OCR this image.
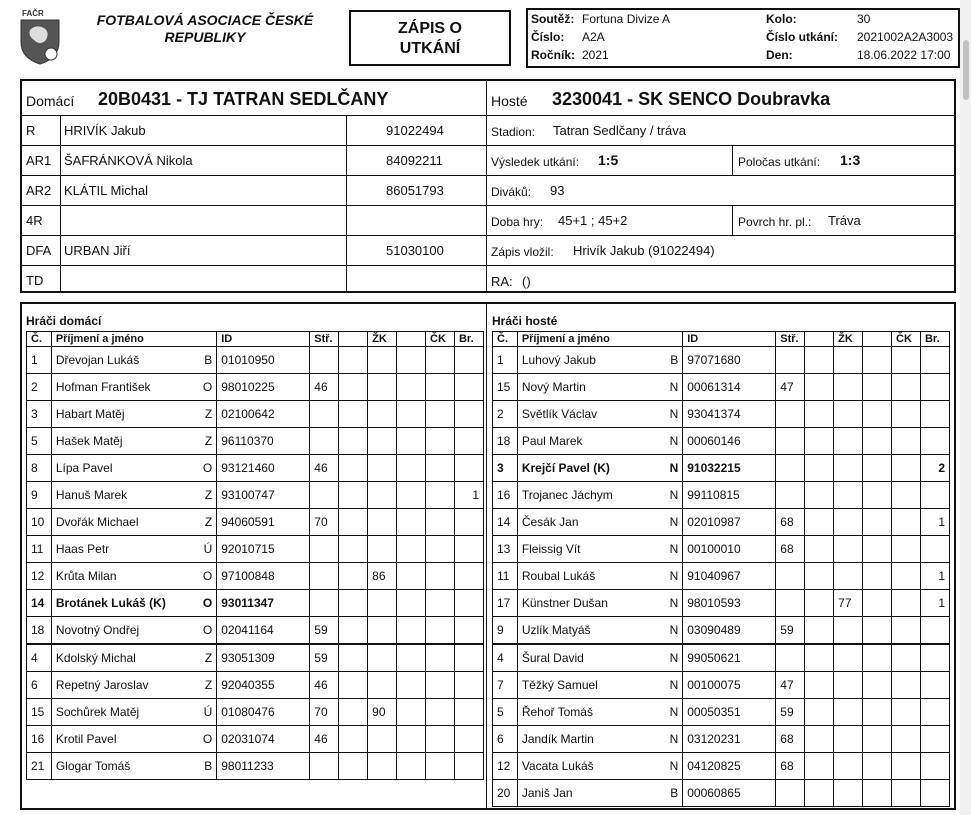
FAČR	FOTBALOVÁ ASOCIACE ČESKÉ
REPUBLIKY	ZÁPIS O
UTKÁNÍ
Soutěž: Fortuna Divize A	Kolo:	30
Číslo: A2A	Číslo utkání: 2021002A2A3003
Ročník: 2021	Den:	18.06.2022 17:00
Domácí 20B0431 - TJ TATRAN SEDLČANY	Hosté 3230041 - SK SENCO Doubravka
R HRIVÍK Jakub	91022494
AR1 ŠAFRÁNKOVÁ Nikola	84092211
AR2 KLÁTIL Michal	86051793
4R
DFA URBAN Jiří	51030100
TD
Stadion: Tatran Sedlčany / tráva
Výsledek utkání: 1:5	Poločas utkání: 1:3
Diváků: 93
Doba hry: 45+1 ; 45+2	Povrch hr. pl.: Tráva
Zápis vložil: Hrivík Jakub (91022494)
RA: ()
Hráči domácí	Hráči hosté
Č.	Příjmení a jméno	ID	Stř.		ŽK		ČK	Br.
1	Dřevojan Lukáš B	01010950						
2	Hofman František O	98010225	46					
3	Habart Matěj Z	02100642						
5	Hašek Matěj Z	96110370						
8	Lípa Pavel O	93121460	46					
9	Hanuš Marek Z	93100747						1
10	Dvořák Michael Z	94060591	70					
11	Haas Petr Ú	92010715						
12	Krůta Milan O	97100848			86			
14	Brotánek Lukáš (K) O	93011347						
18	Novotný Ondřej O	02041164	59					
4	Kdolský Michal Z	93051309	59					
6	Repetný Jaroslav Z	92040355	46					
15	Sochůrek Matěj Ú	01080476	70		90			
16	Krotil Pavel O	02031074	46					
21	Glogar Tomáš B	98011233						
Č.	Příjmení a jméno	ID	Stř.		ŽK		ČK	Br.
1	Luhový Jakub B	97071680						
15	Nový Martin N	00061314	47					
2	Světlík Václav N	93041374						
18	Paul Marek N	00060146						
3	Krejčí Pavel (K) N	91032215						2
16	Trojanec Jáchym N	99110815						
14	Česák Jan N	02010987	68					1
13	Fleissig Vít N	00100010	68					
11	Roubal Lukáš N	91040967						1
17	Künstner Dušan N	98010593			77			1
9	Uzlík Matyáš N	03090489	59					
4	Šural David N	99050621						
7	Těžký Samuel N	00100075	47					
5	Řehoř Tomáš N	00050351	59					
6	Jandík Martin N	03120231	68					
12	Vacata Lukáš N	04120825	68					
20	Janiš Jan B	00060865						
